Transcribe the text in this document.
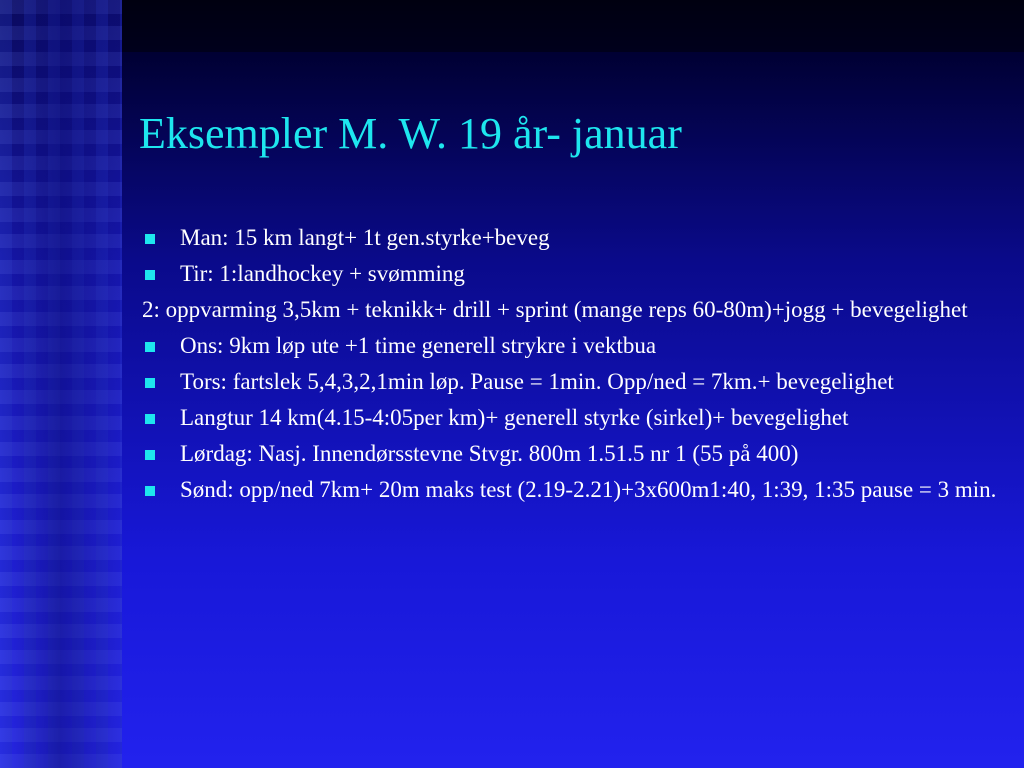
Eksempler M. W. 19 år- januar
Man: 15 km langt+ 1t gen.styrke+beveg
Tir: 1:landhockey + svømming
2: oppvarming 3,5km + teknikk+ drill + sprint (mange reps 60-80m)+jogg + bevegelighet
Ons: 9km løp ute +1 time generell strykre i vektbua
Tors: fartslek 5,4,3,2,1min løp. Pause = 1min. Opp/ned = 7km.+ bevegelighet
Langtur 14 km(4.15-4:05per km)+ generell styrke (sirkel)+ bevegelighet
Lørdag: Nasj. Innendørsstevne Stvgr. 800m 1.51.5 nr 1 (55 på 400)
Sønd: opp/ned 7km+ 20m maks test (2.19-2.21)+3x600m1:40, 1:39, 1:35 pause = 3 min.
